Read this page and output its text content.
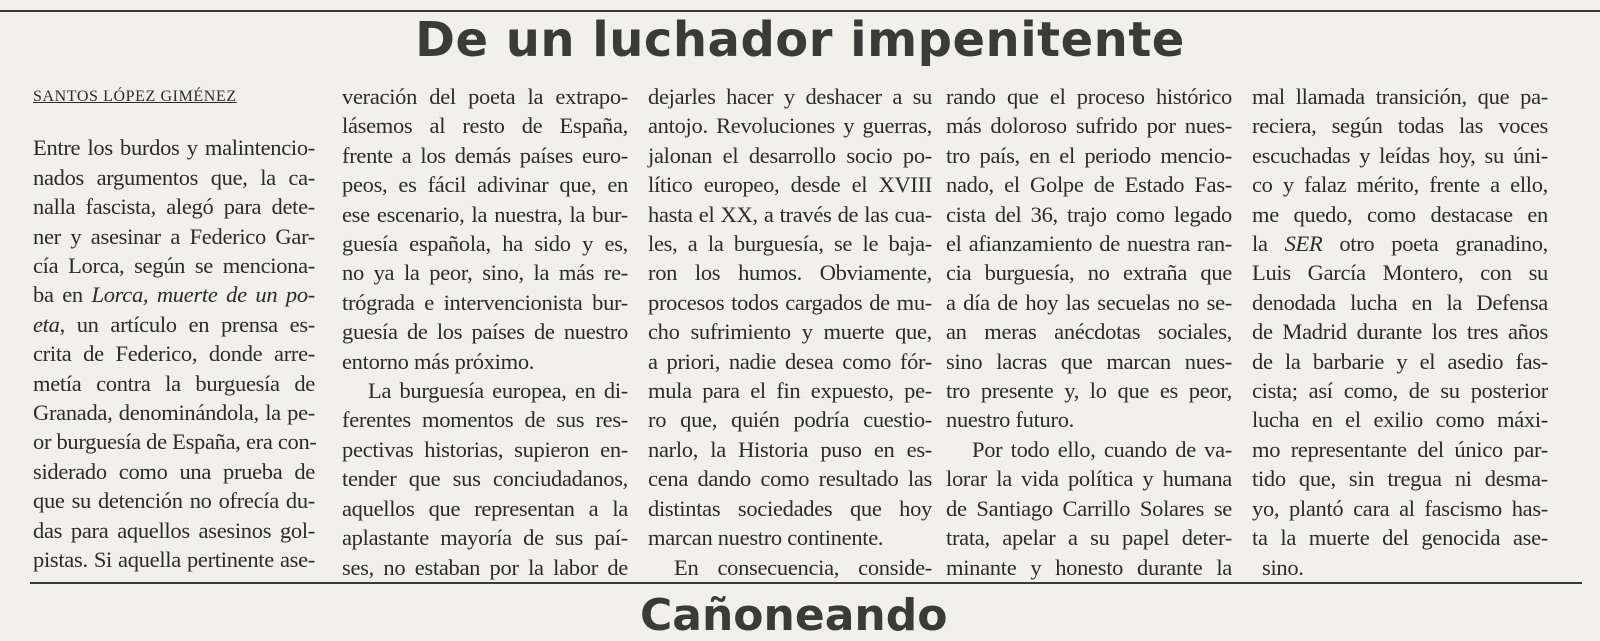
De un luchador impenitente
SANTOS LÓPEZ GIMÉNEZ
Entre los burdos y malintencio-
nados argumentos que, la ca-
nalla fascista, alegó para dete-
ner y asesinar a Federico Gar-
cía Lorca, según se menciona-
ba en Lorca, muerte de un po-
eta, un artículo en prensa es-
crita de Federico, donde arre-
metía contra la burguesía de
Granada, denominándola, la pe-
or burguesía de España, era con-
siderado como una prueba de
que su detención no ofrecía du-
das para aquellos asesinos gol-
pistas. Si aquella pertinente ase-
veración del poeta la extrapo-
lásemos al resto de España,
frente a los demás países euro-
peos, es fácil adivinar que, en
ese escenario, la nuestra, la bur-
guesía española, ha sido y es,
no ya la peor, sino, la más re-
trógrada e intervencionista bur-
guesía de los países de nuestro
entorno más próximo.
La burguesía europea, en di-
ferentes momentos de sus res-
pectivas historias, supieron en-
tender que sus conciudadanos,
aquellos que representan a la
aplastante mayoría de sus paí-
ses, no estaban por la labor de
dejarles hacer y deshacer a su
antojo. Revoluciones y guerras,
jalonan el desarrollo socio po-
lítico europeo, desde el XVIII
hasta el XX, a través de las cua-
les, a la burguesía, se le baja-
ron los humos. Obviamente,
procesos todos cargados de mu-
cho sufrimiento y muerte que,
a priori, nadie desea como fór-
mula para el fin expuesto, pe-
ro que, quién podría cuestio-
narlo, la Historia puso en es-
cena dando como resultado las
distintas sociedades que hoy
marcan nuestro continente.
En consecuencia, conside-
rando que el proceso histórico
más doloroso sufrido por nues-
tro país, en el periodo mencio-
nado, el Golpe de Estado Fas-
cista del 36, trajo como legado
el afianzamiento de nuestra ran-
cia burguesía, no extraña que
a día de hoy las secuelas no se-
an meras anécdotas sociales,
sino lacras que marcan nues-
tro presente y, lo que es peor,
nuestro futuro.
Por todo ello, cuando de va-
lorar la vida política y humana
de Santiago Carrillo Solares se
trata, apelar a su papel deter-
minante y honesto durante la
mal llamada transición, que pa-
reciera, según todas las voces
escuchadas y leídas hoy, su úni-
co y falaz mérito, frente a ello,
me quedo, como destacase en
la SER otro poeta granadino,
Luis García Montero, con su
denodada lucha en la Defensa
de Madrid durante los tres años
de la barbarie y el asedio fas-
cista; así como, de su posterior
lucha en el exilio como máxi-
mo representante del único par-
tido que, sin tregua ni desma-
yo, plantó cara al fascismo has-
ta la muerte del genocida ase-
sino.
Cañoneando
